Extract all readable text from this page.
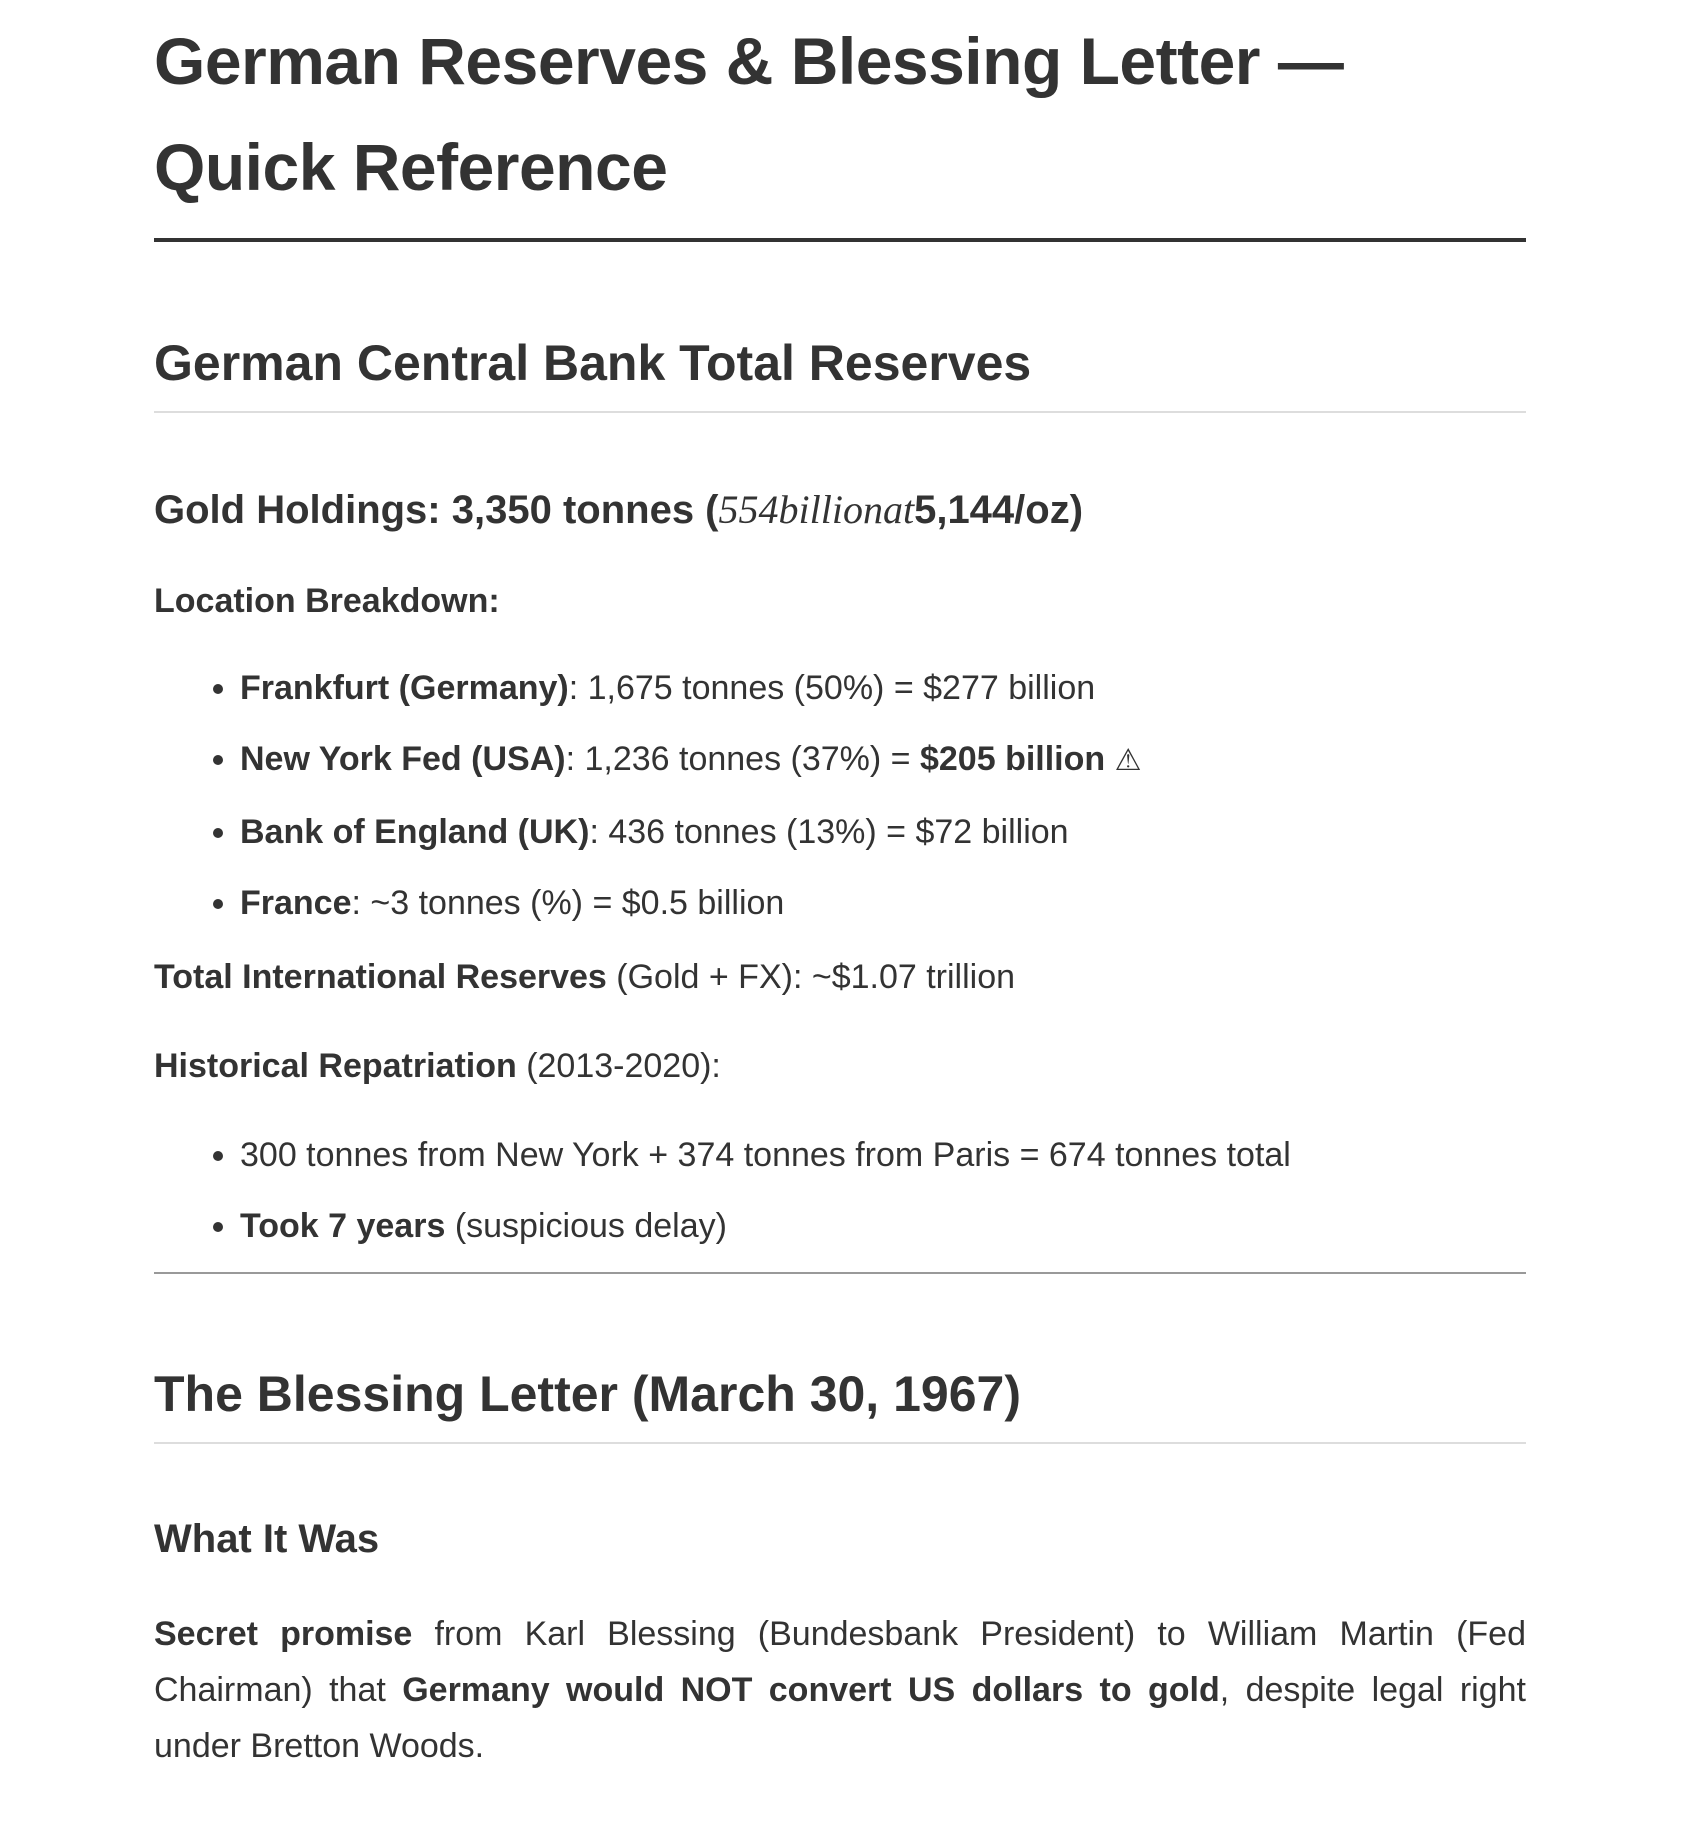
German Reserves & Blessing Letter — Quick Reference
German Central Bank Total Reserves
Gold Holdings: 3,350 tonnes (554billionat5,144/oz)

Location Breakdown:

• Frankfurt (Germany): 1,675 tonnes (50%) = $277 billion
• New York Fed (USA): 1,236 tonnes (37%) = $205 billion ⚠
• Bank of England (UK): 436 tonnes (13%) = $72 billion
• France: ~3 tonnes (%) = $0.5 billion

Total International Reserves (Gold + FX): ~$1.07 trillion

Historical Repatriation (2013-2020):

• 300 tonnes from New York + 374 tonnes from Paris = 674 tonnes total
• Took 7 years (suspicious delay)
The Blessing Letter (March 30, 1967)
What It Was

Secret promise from Karl Blessing (Bundesbank President) to William Martin (Fed Chairman) that Germany would NOT convert US dollars to gold, despite legal right under Bretton Woods.
